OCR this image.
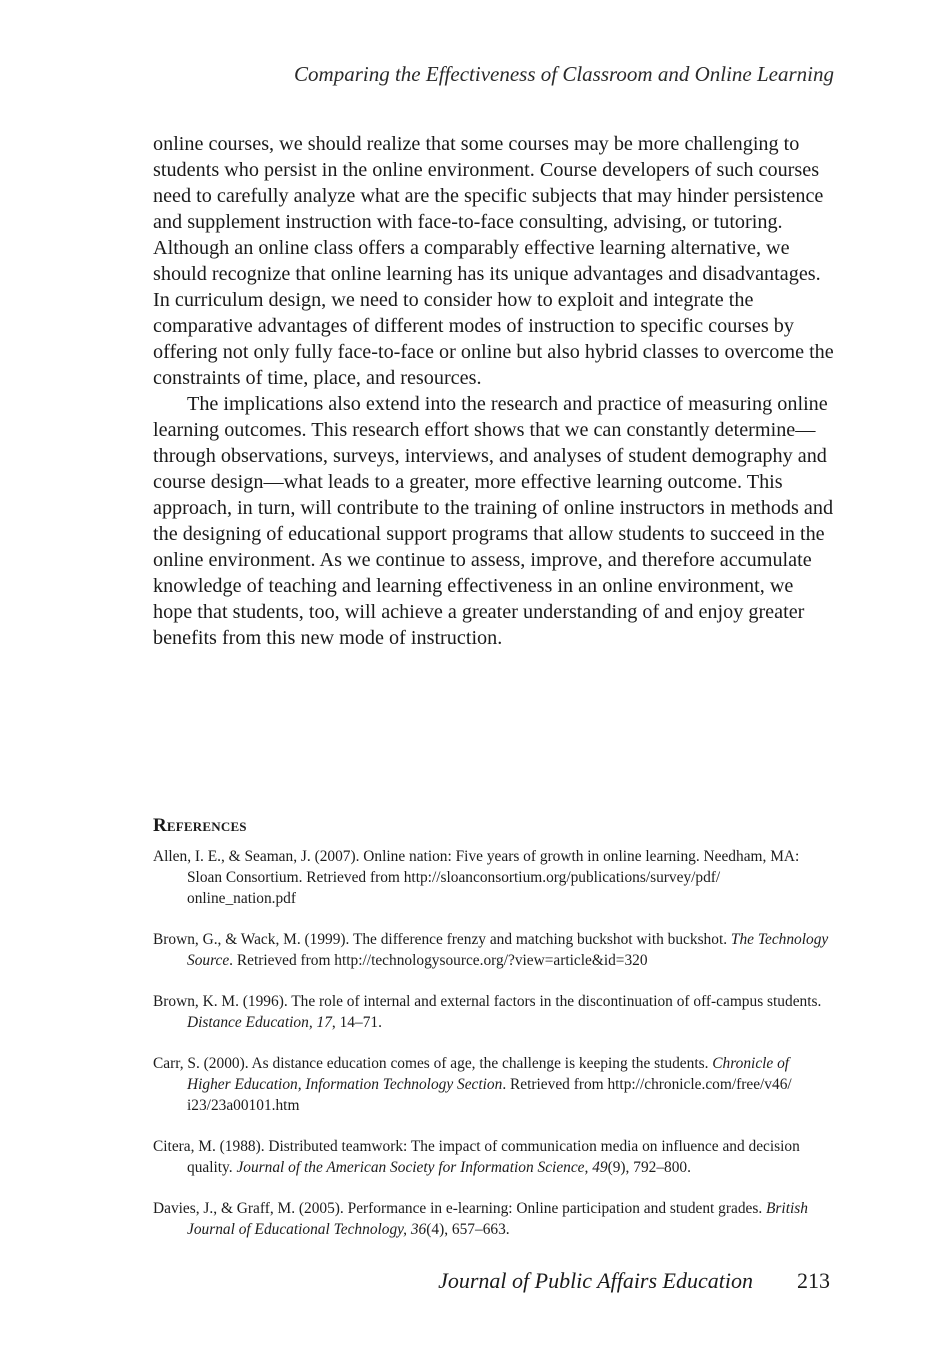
Comparing the Effectiveness of Classroom and Online Learning

online courses, we should realize that some courses may be more challenging to students who persist in the online environment. Course developers of such courses need to carefully analyze what are the specific subjects that may hinder persistence and supplement instruction with face-to-face consulting, advising, or tutoring. Although an online class offers a comparably effective learning alternative, we should recognize that online learning has its unique advantages and disadvantages. In curriculum design, we need to consider how to exploit and integrate the comparative advantages of different modes of instruction to specific courses by offering not only fully face-to-face or online but also hybrid classes to overcome the constraints of time, place, and resources.

The implications also extend into the research and practice of measuring online learning outcomes. This research effort shows that we can constantly determine—through observations, surveys, interviews, and analyses of student demography and course design—what leads to a greater, more effective learning outcome. This approach, in turn, will contribute to the training of online instructors in methods and the designing of educational support programs that allow students to succeed in the online environment. As we continue to assess, improve, and therefore accumulate knowledge of teaching and learning effectiveness in an online environment, we hope that students, too, will achieve a greater understanding of and enjoy greater benefits from this new mode of instruction.

References

Allen, I. E., & Seaman, J. (2007). Online nation: Five years of growth in online learning. Needham, MA: Sloan Consortium. Retrieved from http://sloanconsortium.org/publications/survey/pdf/ online_nation.pdf

Brown, G., & Wack, M. (1999). The difference frenzy and matching buckshot with buckshot. The Technology Source. Retrieved from http://technologysource.org/?view=article&id=320

Brown, K. M. (1996). The role of internal and external factors in the discontinuation of off-campus students. Distance Education, 17, 14–71.

Carr, S. (2000). As distance education comes of age, the challenge is keeping the students. Chronicle of Higher Education, Information Technology Section. Retrieved from http://chronicle.com/free/v46/ i23/23a00101.htm

Citera, M. (1988). Distributed teamwork: The impact of communication media on influence and decision quality. Journal of the American Society for Information Science, 49(9), 792–800.

Davies, J., & Graff, M. (2005). Performance in e-learning: Online participation and student grades. British Journal of Educational Technology, 36(4), 657–663.

Journal of Public Affairs Education 213
